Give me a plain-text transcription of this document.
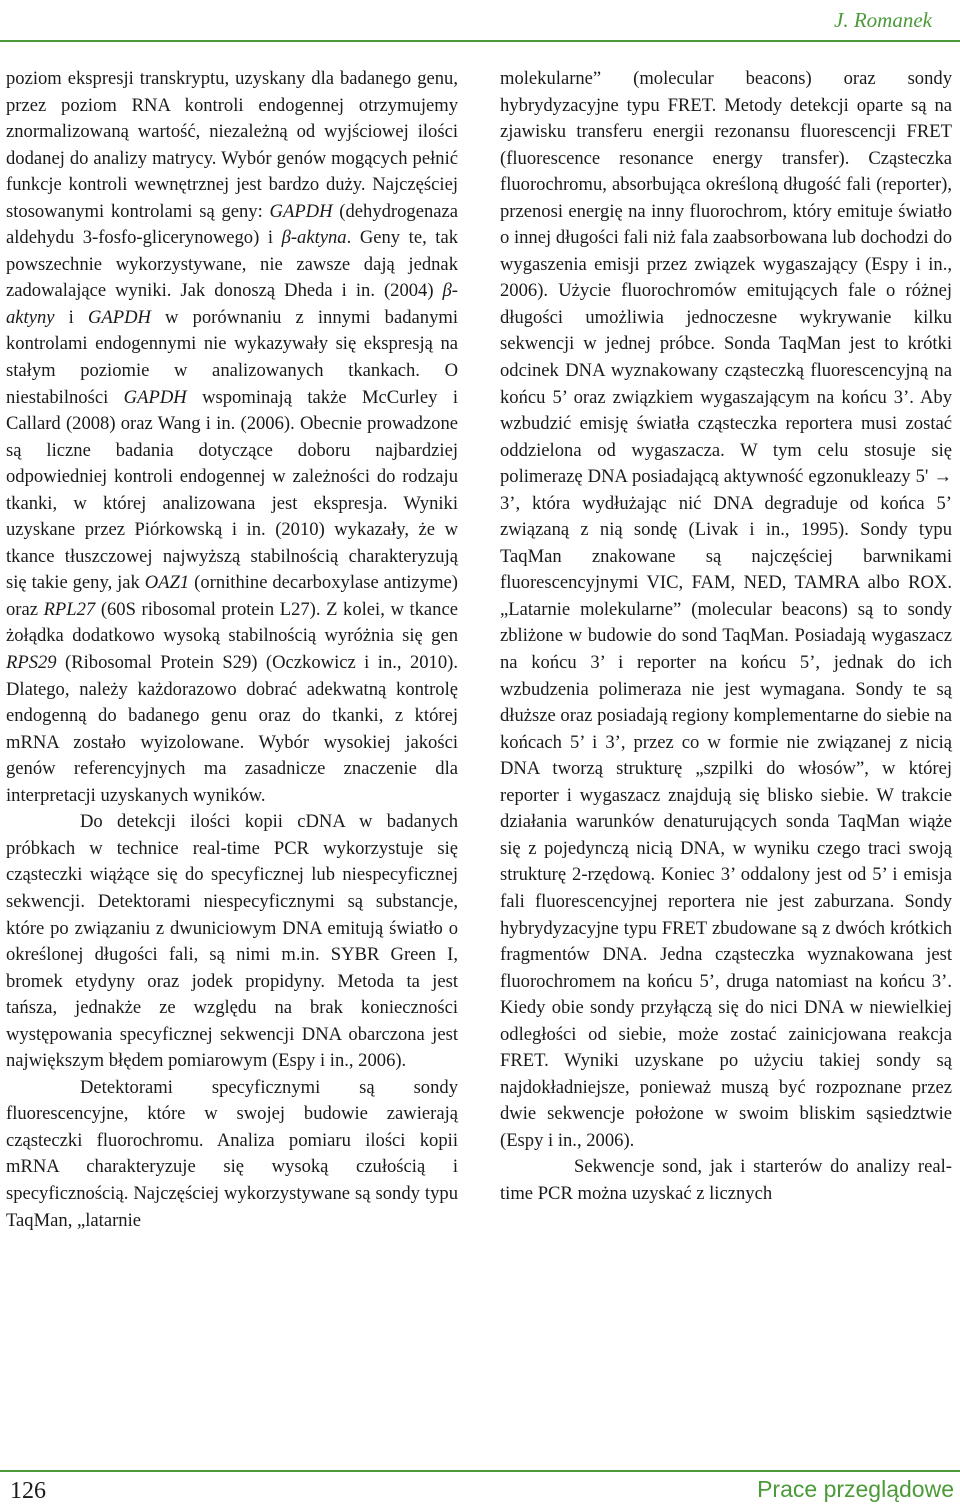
J. Romanek

poziom ekspresji transkryptu, uzyskany dla badanego genu, przez poziom RNA kontroli endogennej otrzymujemy znormalizowaną wartość, niezależną od wyjściowej ilości dodanej do analizy matrycy. Wybór genów mogących pełnić funkcje kontroli wewnętrznej jest bardzo duży. Najczęściej stosowanymi kontrolami są geny: GAPDH (dehydrogenaza aldehydu 3-fosfo-glicerynowego) i β-aktyna. Geny te, tak powszechnie wykorzystywane, nie zawsze dają jednak zadowalające wyniki. Jak donoszą Dheda i in. (2004) β-aktyny i GAPDH w porównaniu z innymi badanymi kontrolami endogennymi nie wykazywały się ekspresją na stałym poziomie w analizowanych tkankach. O niestabilności GAPDH wspominają także McCurley i Callard (2008) oraz Wang i in. (2006). Obecnie prowadzone są liczne badania dotyczące doboru najbardziej odpowiedniej kontroli endogennej w zależności do rodzaju tkanki, w której analizowana jest ekspresja. Wyniki uzyskane przez Piórkowską i in. (2010) wykazały, że w tkance tłuszczowej najwyższą stabilnością charakteryzują się takie geny, jak OAZ1 (ornithine decarboxylase antizyme) oraz RPL27 (60S ribosomal protein L27). Z kolei, w tkance żołądka dodatkowo wysoką stabilnością wyróżnia się gen RPS29 (Ribosomal Protein S29) (Oczkowicz i in., 2010). Dlatego, należy każdorazowo dobrać adekwatną kontrolę endogenną do badanego genu oraz do tkanki, z której mRNA zostało wyizolowane. Wybór wysokiej jakości genów referencyjnych ma zasadnicze znaczenie dla interpretacji uzyskanych wyników.

Do detekcji ilości kopii cDNA w badanych próbkach w technice real-time PCR wykorzystuje się cząsteczki wiążące się do specyficznej lub niespecyficznej sekwencji. Detektorami niespecyficznymi są substancje, które po związaniu z dwuniciowym DNA emitują światło o określonej długości fali, są nimi m.in. SYBR Green I, bromek etydyny oraz jodek propidyny. Metoda ta jest tańsza, jednakże ze względu na brak konieczności występowania specyficznej sekwencji DNA obarczona jest największym błędem pomiarowym (Espy i in., 2006).

Detektorami specyficznymi są sondy fluorescencyjne, które w swojej budowie zawierają cząsteczki fluorochromu. Analiza pomiaru ilości kopii mRNA charakteryzuje się wysoką czułością i specyficznością. Najczęściej wykorzystywane są sondy typu TaqMan, „latarnie

molekularne” (molecular beacons) oraz sondy hybrydyzacyjne typu FRET. Metody detekcji oparte są na zjawisku transferu energii rezonansu fluorescencji FRET (fluorescence resonance energy transfer). Cząsteczka fluorochromu, absorbująca określoną długość fali (reporter), przenosi energię na inny fluorochrom, który emituje światło o innej długości fali niż fala zaabsorbowana lub dochodzi do wygaszenia emisji przez związek wygaszający (Espy i in., 2006). Użycie fluorochromów emitujących fale o różnej długości umożliwia jednoczesne wykrywanie kilku sekwencji w jednej próbce. Sonda TaqMan jest to krótki odcinek DNA wyznakowany cząsteczką fluorescencyjną na końcu 5’ oraz związkiem wygaszającym na końcu 3’. Aby wzbudzić emisję światła cząsteczka reportera musi zostać oddzielona od wygaszacza. W tym celu stosuje się polimerazę DNA posiadającą aktywność egzonukleazy 5' → 3’, która wydłużając nić DNA degraduje od końca 5’ związaną z nią sondę (Livak i in., 1995). Sondy typu TaqMan znakowane są najczęściej barwnikami fluorescencyjnymi VIC, FAM, NED, TAMRA albo ROX. „Latarnie molekularne” (molecular beacons) są to sondy zbliżone w budowie do sond TaqMan. Posiadają wygaszacz na końcu 3’ i reporter na końcu 5’, jednak do ich wzbudzenia polimeraza nie jest wymagana. Sondy te są dłuższe oraz posiadają regiony komplementarne do siebie na końcach 5’ i 3’, przez co w formie nie związanej z nicią DNA tworzą strukturę „szpilki do włosów”, w której reporter i wygaszacz znajdują się blisko siebie. W trakcie działania warunków denaturujących sonda TaqMan wiąże się z pojedynczą nicią DNA, w wyniku czego traci swoją strukturę 2-rzędową. Koniec 3’ oddalony jest od 5’ i emisja fali fluorescencyjnej reportera nie jest zaburzana. Sondy hybrydyzacyjne typu FRET zbudowane są z dwóch krótkich fragmentów DNA. Jedna cząsteczka wyznakowana jest fluorochromem na końcu 5’, druga natomiast na końcu 3’. Kiedy obie sondy przyłączą się do nici DNA w niewielkiej odległości od siebie, może zostać zainicjowana reakcja FRET. Wyniki uzyskane po użyciu takiej sondy są najdokładniejsze, ponieważ muszą być rozpoznane przez dwie sekwencje położone w swoim bliskim sąsiedztwie (Espy i in., 2006).

Sekwencje sond, jak i starterów do analizy real-time PCR można uzyskać z licznych

126	Prace przeglądowe
